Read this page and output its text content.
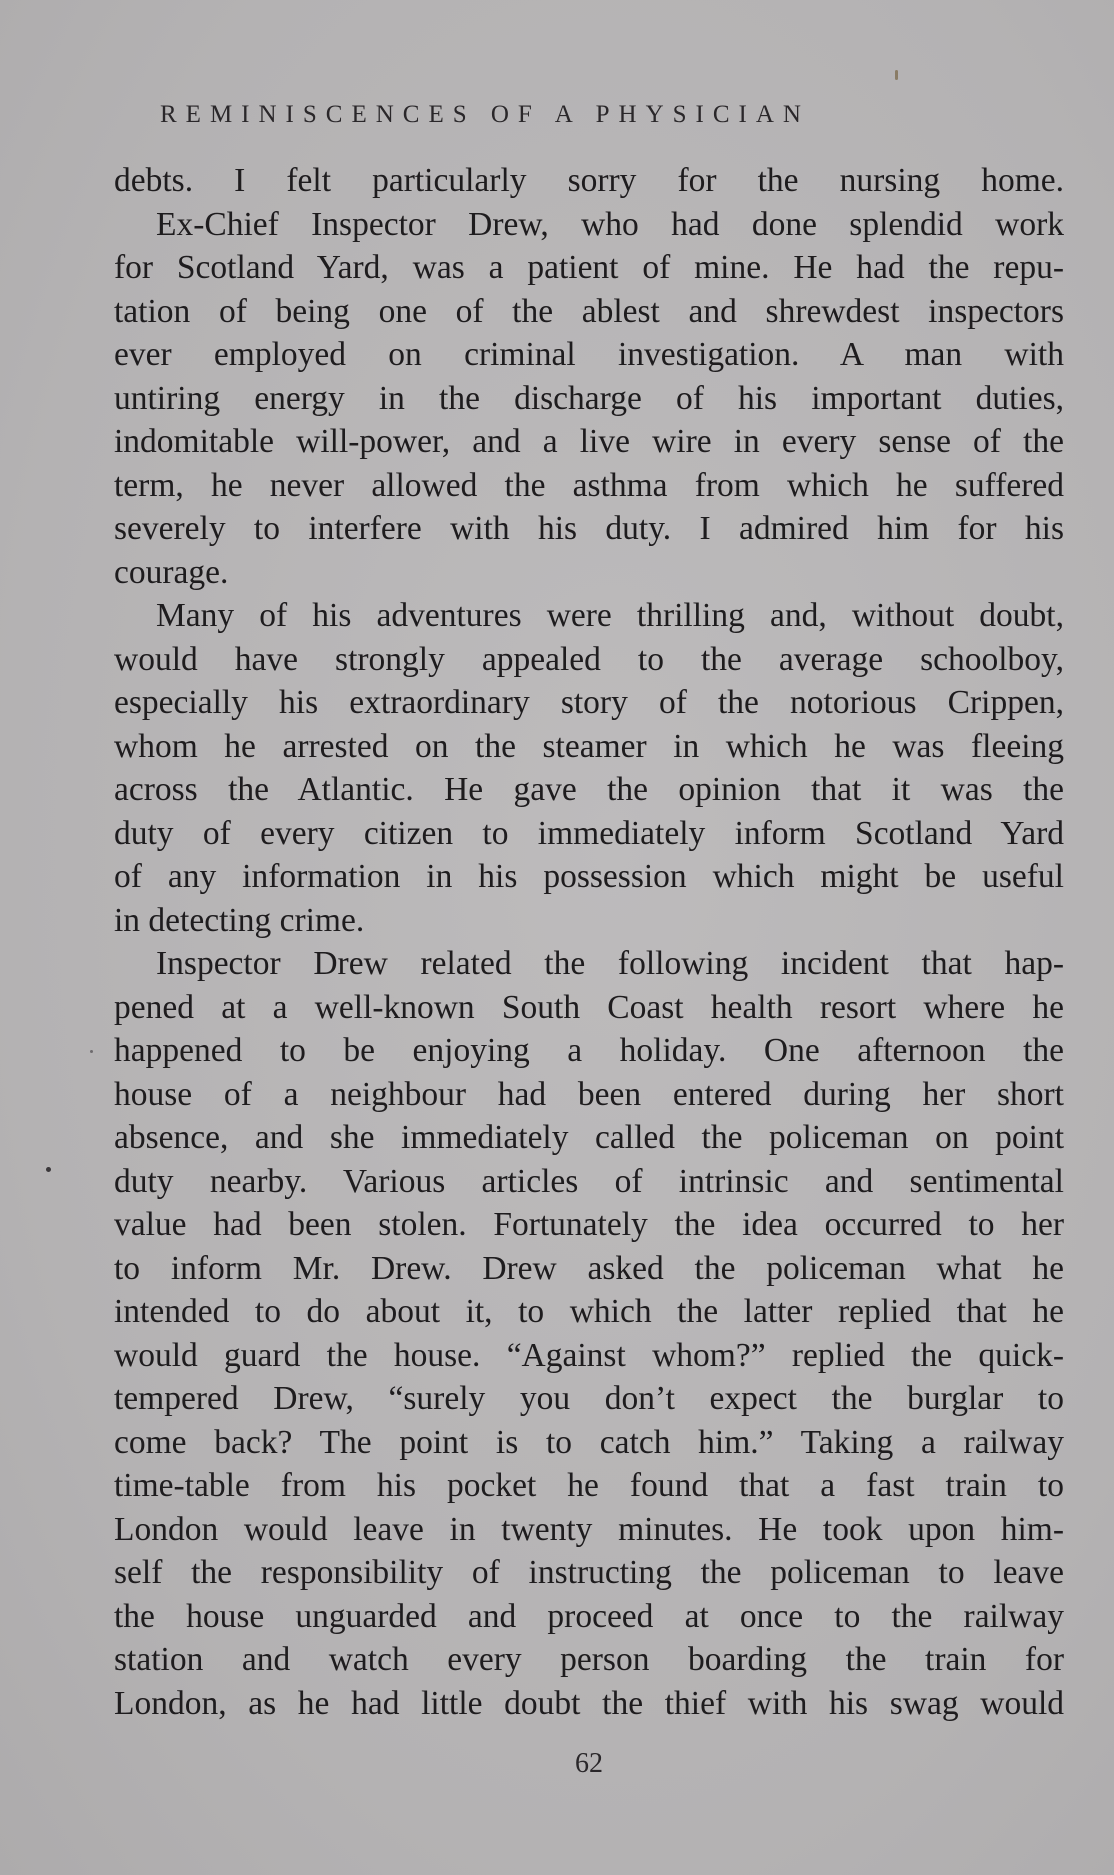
REMINISCENCES OF A PHYSICIAN
debts. I felt particularly sorry for the nursing home.
Ex-Chief Inspector Drew, who had done splendid work
for Scotland Yard, was a patient of mine. He had the repu-
tation of being one of the ablest and shrewdest inspectors
ever employed on criminal investigation. A man with
untiring energy in the discharge of his important duties,
indomitable will-power, and a live wire in every sense of the
term, he never allowed the asthma from which he suffered
severely to interfere with his duty. I admired him for his
courage.
Many of his adventures were thrilling and, without doubt,
would have strongly appealed to the average schoolboy,
especially his extraordinary story of the notorious Crippen,
whom he arrested on the steamer in which he was fleeing
across the Atlantic. He gave the opinion that it was the
duty of every citizen to immediately inform Scotland Yard
of any information in his possession which might be useful
in detecting crime.
Inspector Drew related the following incident that hap-
pened at a well-known South Coast health resort where he
happened to be enjoying a holiday. One afternoon the
house of a neighbour had been entered during her short
absence, and she immediately called the policeman on point
duty nearby. Various articles of intrinsic and sentimental
value had been stolen. Fortunately the idea occurred to her
to inform Mr. Drew. Drew asked the policeman what he
intended to do about it, to which the latter replied that he
would guard the house. “Against whom?” replied the quick-
tempered Drew, “surely you don’t expect the burglar to
come back? The point is to catch him.” Taking a railway
time-table from his pocket he found that a fast train to
London would leave in twenty minutes. He took upon him-
self the responsibility of instructing the policeman to leave
the house unguarded and proceed at once to the railway
station and watch every person boarding the train for
London, as he had little doubt the thief with his swag would
62
